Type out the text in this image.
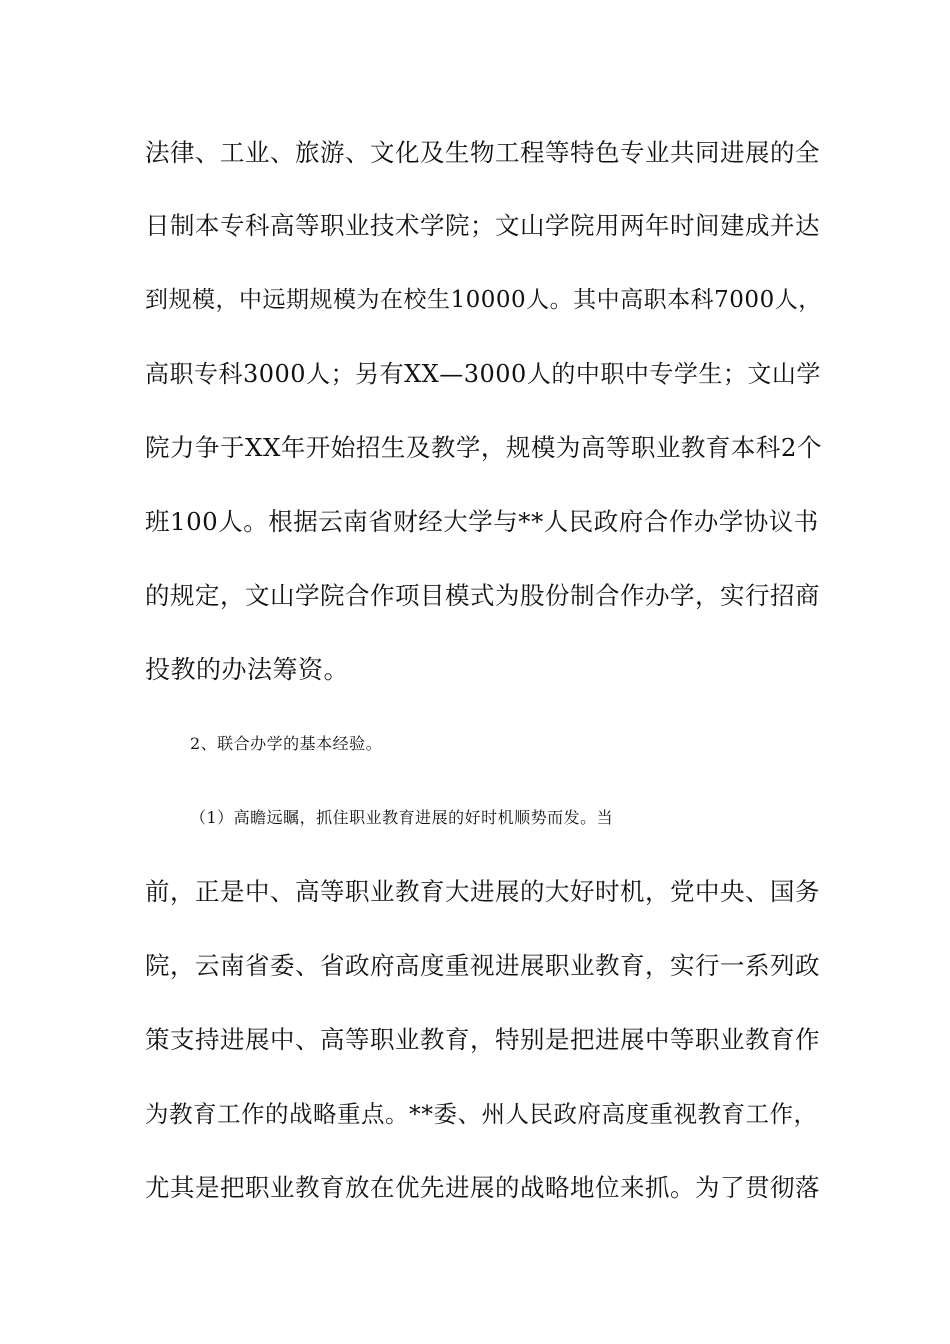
法律、工业、旅游、文化及生物工程等特色专业共同进展的全
日制本专科高等职业技术学院；文山学院用两年时间建成并达
到规模，中远期规模为在校生10000人。其中高职本科7000人，
高职专科3000人；另有XX—3000人的中职中专学生；文山学
院力争于XX年开始招生及教学，规模为高等职业教育本科2个
班100人。根据云南省财经大学与**人民政府合作办学协议书
的规定，文山学院合作项目模式为股份制合作办学，实行招商
投教的办法筹资。
2、联合办学的基本经验。
（1）高瞻远瞩，抓住职业教育进展的好时机顺势而发。当
前，正是中、高等职业教育大进展的大好时机，党中央、国务
院，云南省委、省政府高度重视进展职业教育，实行一系列政
策支持进展中、高等职业教育，特别是把进展中等职业教育作
为教育工作的战略重点。**委、州人民政府高度重视教育工作，
尤其是把职业教育放在优先进展的战略地位来抓。为了贯彻落
